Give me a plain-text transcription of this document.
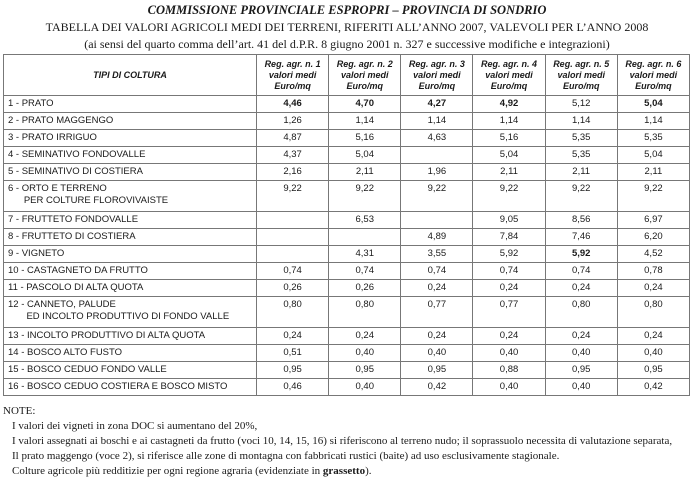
COMMISSIONE PROVINCIALE ESPROPRI – PROVINCIA DI SONDRIO
TABELLA DEI VALORI AGRICOLI MEDI DEI TERRENI, RIFERITI ALL’ANNO 2007, VALEVOLI PER L’ANNO 2008
(ai sensi del quarto comma dell’art. 41 del d.P.R. 8 giugno 2001 n. 327 e successive modifiche e integrazioni)
TIPI DI COLTURA	Reg. agr. n. 1
valori medi
Euro/mq	Reg. agr. n. 2
valori medi
Euro/mq	Reg. agr. n. 3
valori medi
Euro/mq	Reg. agr. n. 4
valori medi
Euro/mq	Reg. agr. n. 5
valori medi
Euro/mq	Reg. agr. n. 6
valori medi
Euro/mq
1 - PRATO	4,46	4,70	4,27	4,92	5,12	5,04
2 - PRATO MAGGENGO	1,26	1,14	1,14	1,14	1,14	1,14
3 - PRATO IRRIGUO	4,87	5,16	4,63	5,16	5,35	5,35
4 - SEMINATIVO FONDOVALLE	4,37	5,04		5,04	5,35	5,04
5 - SEMINATIVO DI COSTIERA	2,16	2,11	1,96	2,11	2,11	2,11
6 - ORTO E TERRENO
PER COLTURE FLOROVIVAISTE	9,22	9,22	9,22	9,22	9,22	9,22
7 - FRUTTETO FONDOVALLE		6,53		9,05	8,56	6,97
8 - FRUTTETO DI COSTIERA			4,89	7,84	7,46	6,20
9 - VIGNETO		4,31	3,55	5,92	5,92	4,52
10 - CASTAGNETO DA FRUTTO	0,74	0,74	0,74	0,74	0,74	0,78
11 - PASCOLO DI ALTA QUOTA	0,26	0,26	0,24	0,24	0,24	0,24
12 - CANNETO, PALUDE
ED INCOLTO PRODUTTIVO DI FONDO VALLE	0,80	0,80	0,77	0,77	0,80	0,80
13 - INCOLTO PRODUTTIVO DI ALTA QUOTA	0,24	0,24	0,24	0,24	0,24	0,24
14 - BOSCO ALTO FUSTO	0,51	0,40	0,40	0,40	0,40	0,40
15 - BOSCO CEDUO FONDO VALLE	0,95	0,95	0,95	0,88	0,95	0,95
16 - BOSCO CEDUO COSTIERA E BOSCO MISTO	0,46	0,40	0,42	0,40	0,40	0,42

NOTE:

I valori dei vigneti in zona DOC si aumentano del 20%,

I valori assegnati ai boschi e ai castagneti da frutto (voci 10, 14, 15, 16) si riferiscono al terreno nudo; il soprassuolo necessita di valutazione separata,

Il prato maggengo (voce 2), si riferisce alle zone di montagna con fabbricati rustici (baite) ad uso esclusivamente stagionale.

Colture agricole più redditizie per ogni regione agraria (evidenziate in grassetto).
